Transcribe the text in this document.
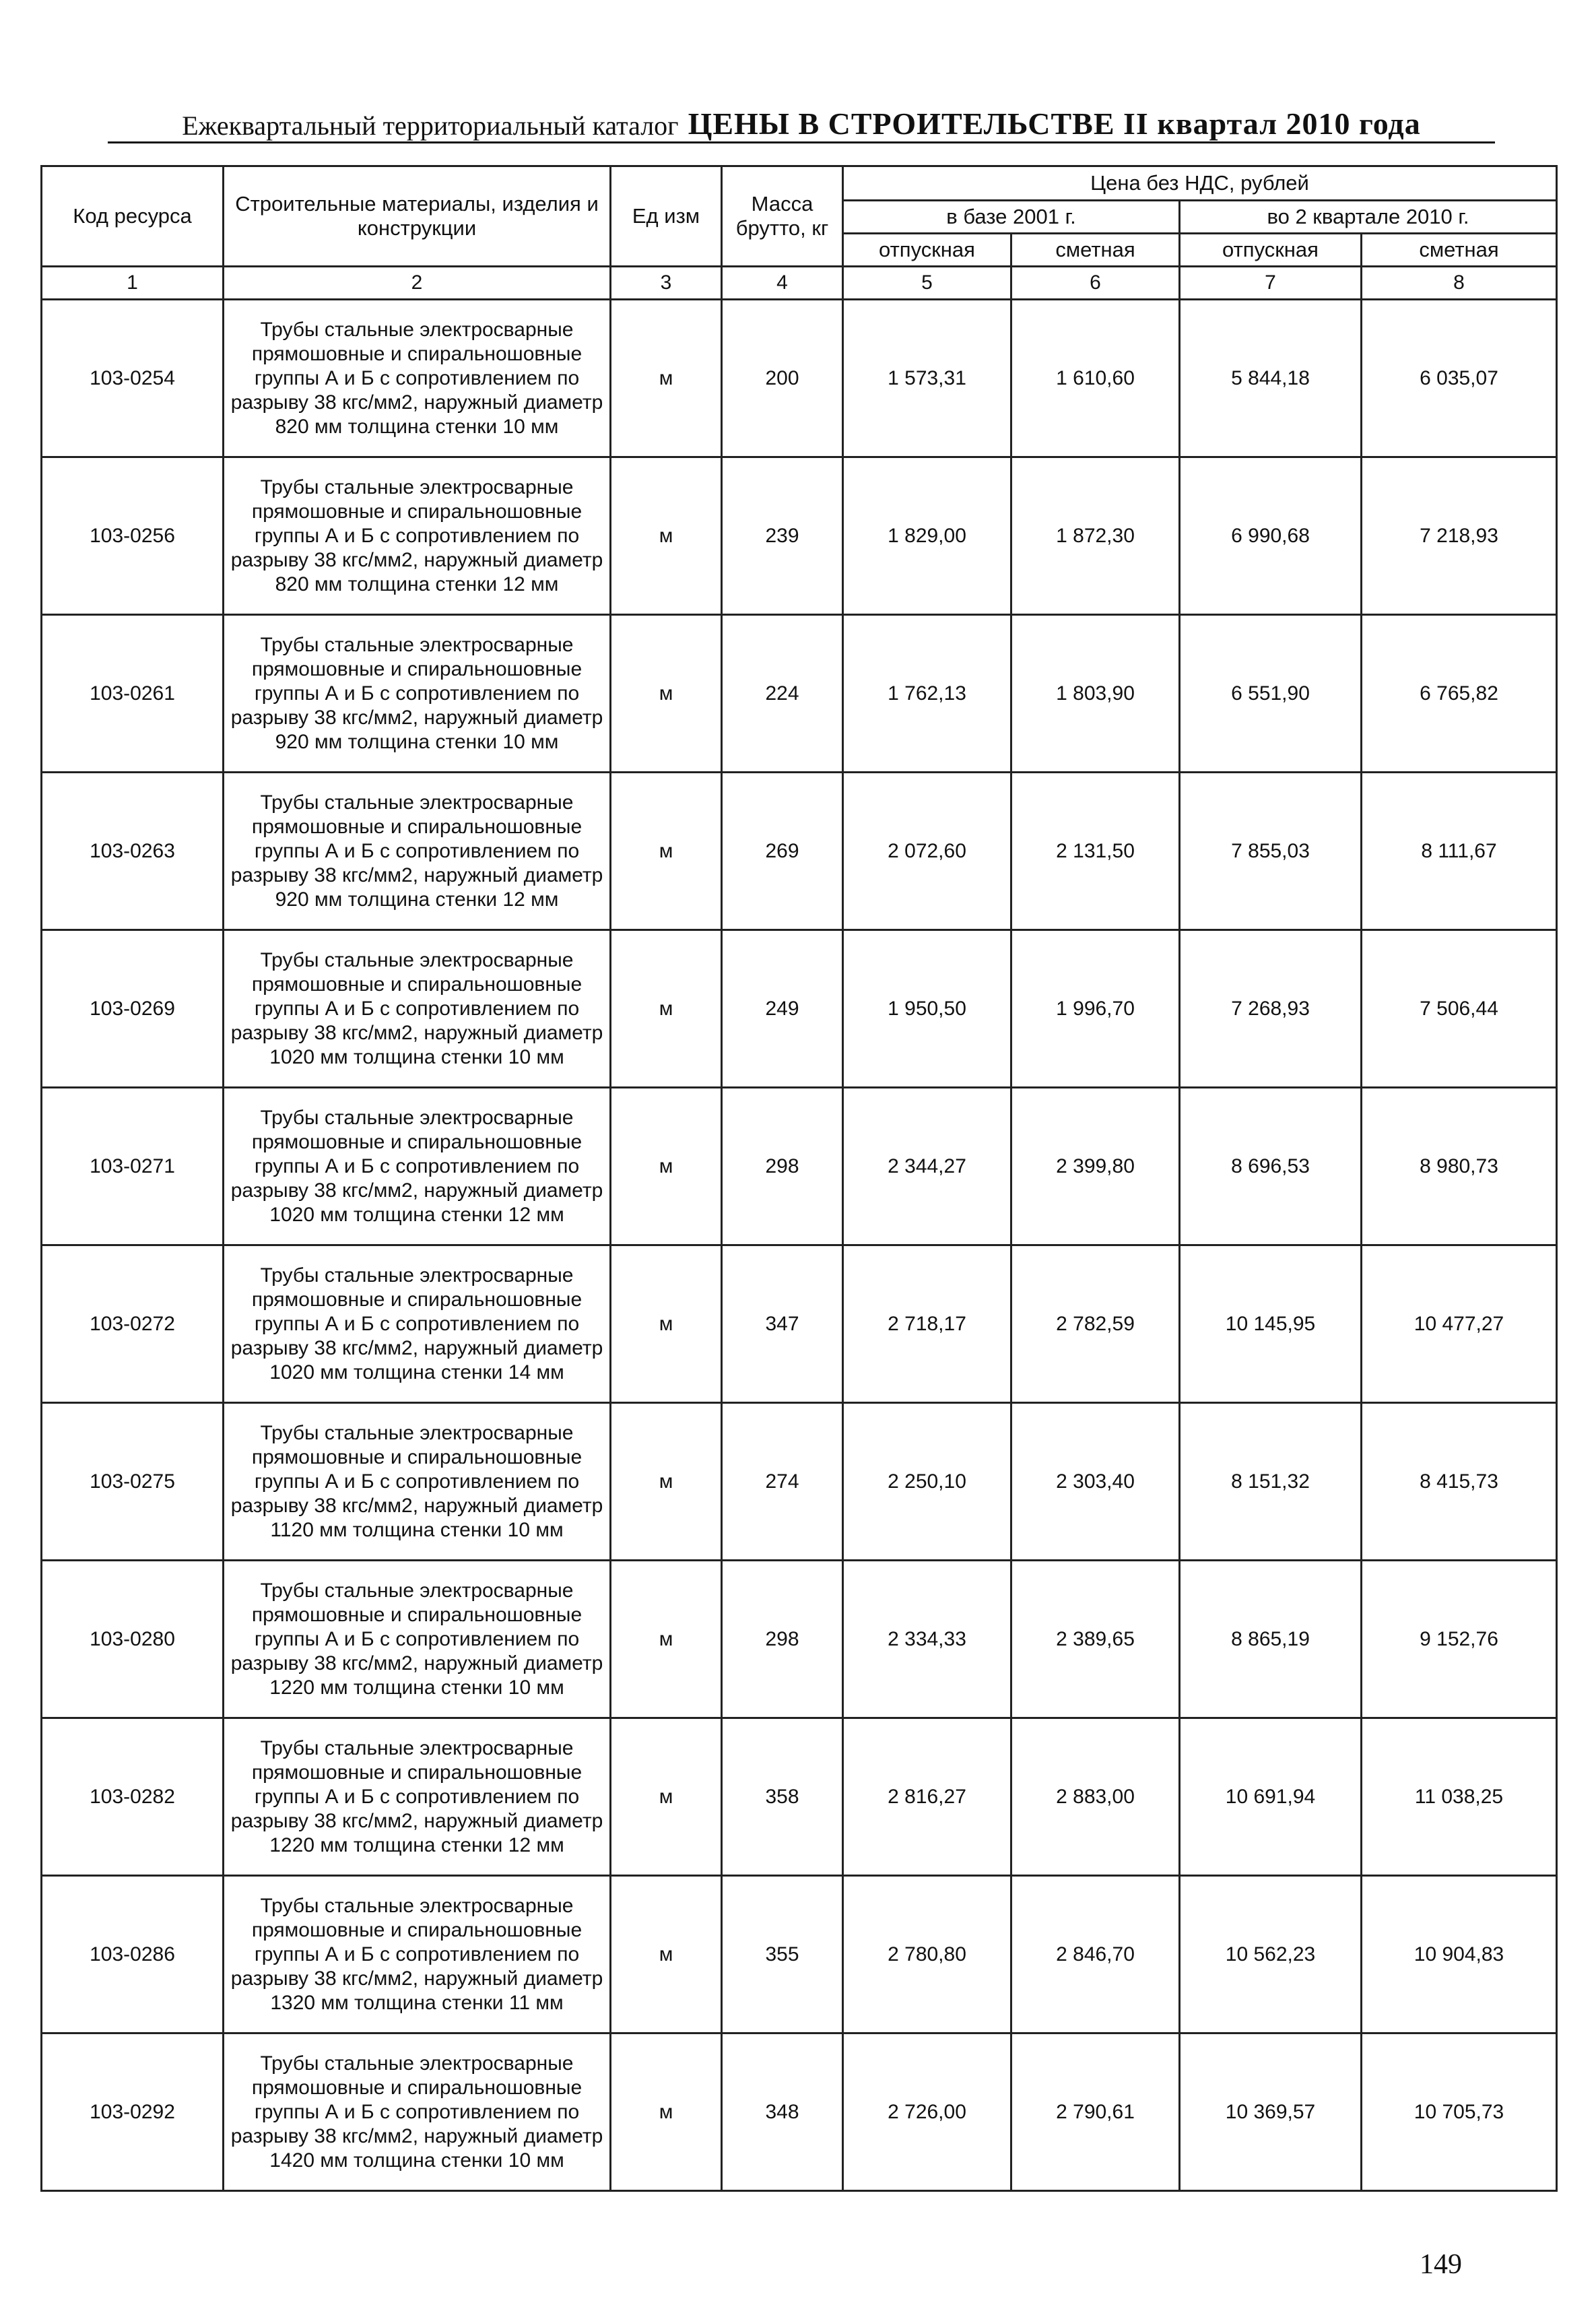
Ежеквартальный территориальный каталог ЦЕНЫ В СТРОИТЕЛЬСТВЕ II квартал 2010 года
Код ресурса	Строительные материалы, изделия и конструкции	Ед изм	Масса брутто, кг	Цена без НДС, рублей			
				в базе 2001 г.		во 2 квартале 2010 г.	
				отпускная	сметная	отпускная	сметная
1	2	3	4	5	6	7	8
103-0254	Трубы стальные электросварные прямошовные и спиральношовные группы А и Б с сопротивлением по разрыву 38 кгс/мм2, наружный диаметр 820 мм толщина стенки 10 мм	м	200	1 573,31	1 610,60	5 844,18	6 035,07
103-0256	Трубы стальные электросварные прямошовные и спиральношовные группы А и Б с сопротивлением по разрыву 38 кгс/мм2, наружный диаметр 820 мм толщина стенки 12 мм	м	239	1 829,00	1 872,30	6 990,68	7 218,93
103-0261	Трубы стальные электросварные прямошовные и спиральношовные группы А и Б с сопротивлением по разрыву 38 кгс/мм2, наружный диаметр 920 мм толщина стенки 10 мм	м	224	1 762,13	1 803,90	6 551,90	6 765,82
103-0263	Трубы стальные электросварные прямошовные и спиральношовные группы А и Б с сопротивлением по разрыву 38 кгс/мм2, наружный диаметр 920 мм толщина стенки 12 мм	м	269	2 072,60	2 131,50	7 855,03	8 111,67
103-0269	Трубы стальные электросварные прямошовные и спиральношовные группы А и Б с сопротивлением по разрыву 38 кгс/мм2, наружный диаметр 1020 мм толщина стенки 10 мм	м	249	1 950,50	1 996,70	7 268,93	7 506,44
103-0271	Трубы стальные электросварные прямошовные и спиральношовные группы А и Б с сопротивлением по разрыву 38 кгс/мм2, наружный диаметр 1020 мм толщина стенки 12 мм	м	298	2 344,27	2 399,80	8 696,53	8 980,73
103-0272	Трубы стальные электросварные прямошовные и спиральношовные группы А и Б с сопротивлением по разрыву 38 кгс/мм2, наружный диаметр 1020 мм толщина стенки 14 мм	м	347	2 718,17	2 782,59	10 145,95	10 477,27
103-0275	Трубы стальные электросварные прямошовные и спиральношовные группы А и Б с сопротивлением по разрыву 38 кгс/мм2, наружный диаметр 1120 мм толщина стенки 10 мм	м	274	2 250,10	2 303,40	8 151,32	8 415,73
103-0280	Трубы стальные электросварные прямошовные и спиральношовные группы А и Б с сопротивлением по разрыву 38 кгс/мм2, наружный диаметр 1220 мм толщина стенки 10 мм	м	298	2 334,33	2 389,65	8 865,19	9 152,76
103-0282	Трубы стальные электросварные прямошовные и спиральношовные группы А и Б с сопротивлением по разрыву 38 кгс/мм2, наружный диаметр 1220 мм толщина стенки 12 мм	м	358	2 816,27	2 883,00	10 691,94	11 038,25
103-0286	Трубы стальные электросварные прямошовные и спиральношовные группы А и Б с сопротивлением по разрыву 38 кгс/мм2, наружный диаметр 1320 мм толщина стенки 11 мм	м	355	2 780,80	2 846,70	10 562,23	10 904,83
103-0292	Трубы стальные электросварные прямошовные и спиральношовные группы А и Б с сопротивлением по разрыву 38 кгс/мм2, наружный диаметр 1420 мм толщина стенки 10 мм	м	348	2 726,00	2 790,61	10 369,57	10 705,73
149
